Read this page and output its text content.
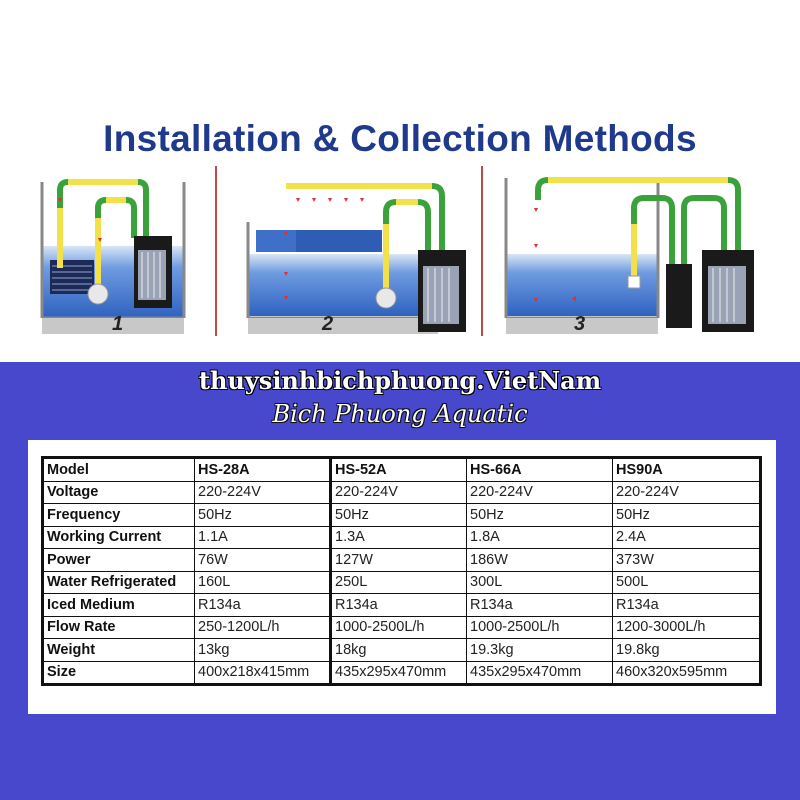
Installation & Collection Methods
1	2	3
thuysinhbichphuong.VietNam
Bich Phuong Aquatic
Model	HS-28A	HS-52A	HS-66A	HS90A
Voltage	220-224V	220-224V	220-224V	220-224V
Frequency	50Hz	50Hz	50Hz	50Hz
Working Current	1.1A	1.3A	1.8A	2.4A
Power	76W	127W	186W	373W
Water Refrigerated	160L	250L	300L	500L
Iced Medium	R134a	R134a	R134a	R134a
Flow Rate	250-1200L/h	1000-2500L/h	1000-2500L/h	1200-3000L/h
Weight	13kg	18kg	19.3kg	19.8kg
Size	400x218x415mm	435x295x470mm	435x295x470mm	460x320x595mm
